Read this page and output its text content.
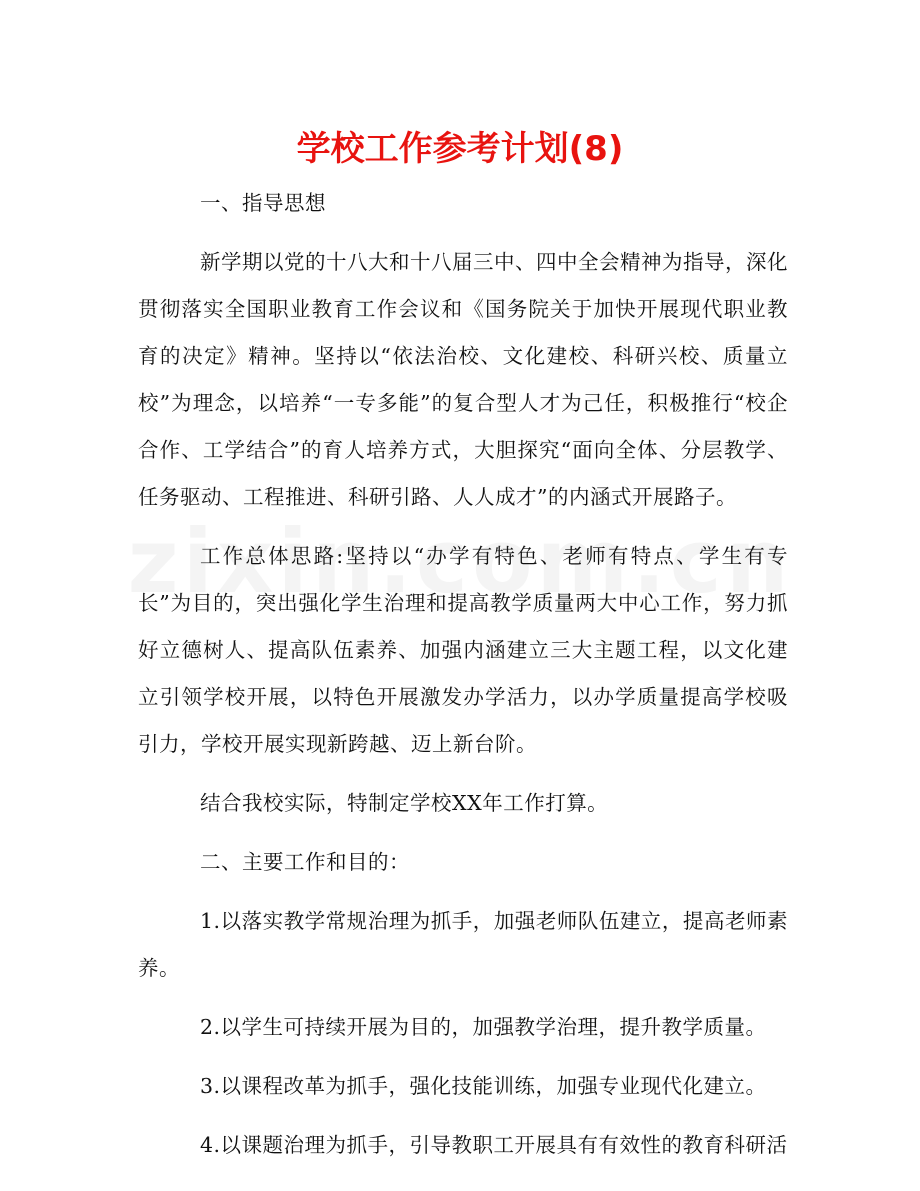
学校工作参考计划(8)

一、指导思想

新学期以党的十八大和十八届三中、四中全会精神为指导，深化贯彻落实全国职业教育工作会议和《国务院关于加快开展现代职业教育的决定》精神。坚持以“依法治校、文化建校、科研兴校、质量立校”为理念，以培养“一专多能”的复合型人才为己任，积极推行“校企合作、工学结合”的育人培养方式，大胆探究“面向全体、分层教学、任务驱动、工程推进、科研引路、人人成才”的内涵式开展路子。

工作总体思路:坚持以“办学有特色、老师有特点、学生有专长”为目的，突出强化学生治理和提高教学质量两大中心工作，努力抓好立德树人、提高队伍素养、加强内涵建立三大主题工程，以文化建立引领学校开展，以特色开展激发办学活力，以办学质量提高学校吸引力，学校开展实现新跨越、迈上新台阶。

结合我校实际，特制定学校XX年工作打算。

二、主要工作和目的：

1.以落实教学常规治理为抓手，加强老师队伍建立，提高老师素养。

2.以学生可持续开展为目的，加强教学治理，提升教学质量。

3.以课程改革为抓手，强化技能训练，加强专业现代化建立。

4.以课题治理为抓手，引导教职工开展具有有效性的教育科研活
